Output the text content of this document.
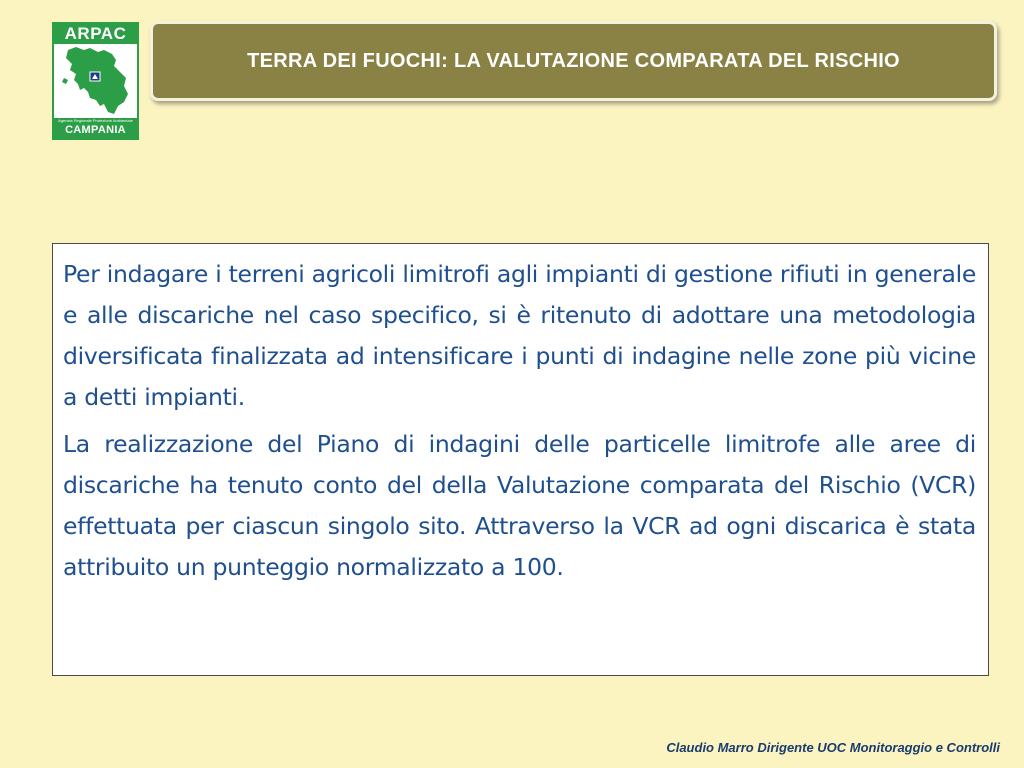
ARPAC
Agenzia Regionale Protezione Ambientale
CAMPANIA
TERRA DEI FUOCHI: LA VALUTAZIONE COMPARATA DEL RISCHIO

Per indagare i terreni agricoli limitrofi agli impianti di gestione rifiuti in generale e alle discariche nel caso specifico, si è ritenuto di adottare una metodologia diversificata finalizzata ad intensificare i punti di indagine nelle zone più vicine a detti impianti.

La realizzazione del Piano di indagini delle particelle limitrofe alle aree di discariche ha tenuto conto del della Valutazione comparata del Rischio (VCR) effettuata per ciascun singolo sito. Attraverso la VCR ad ogni discarica è stata attribuito un punteggio normalizzato a 100.

Claudio Marro Dirigente UOC Monitoraggio e Controlli
